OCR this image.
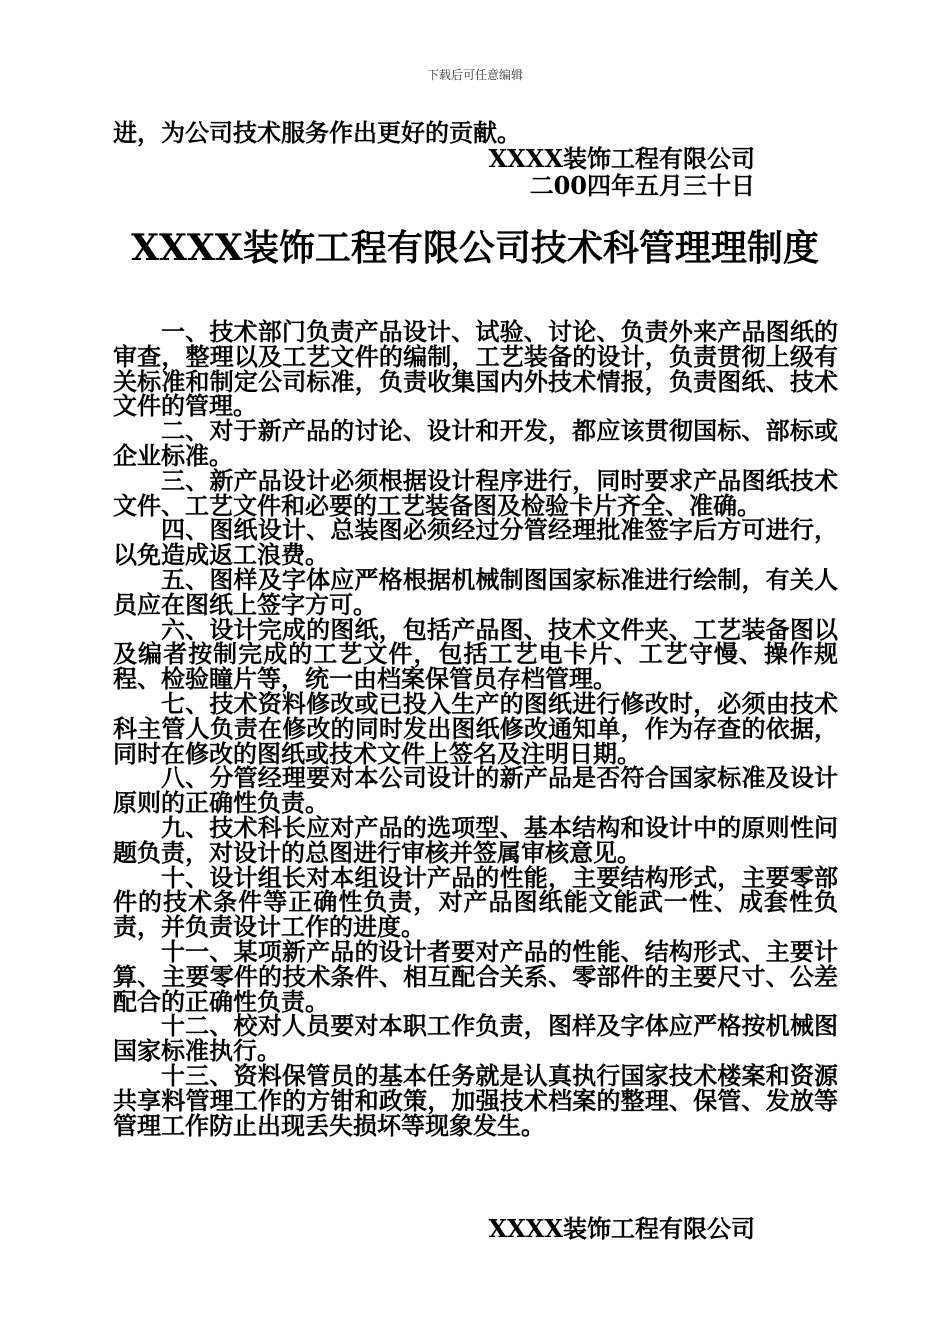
下载后可任意编辑
进，为公司技术服务作出更好的贡献。
XXXX装饰工程有限公司
二00四年五月三十日
XXXX装饰工程有限公司技术科管理理制度

一、技术部门负责产品设计、试验、讨论、负责外来产品图纸的审查，整理以及工艺文件的编制，工艺装备的设计，负责贯彻上级有关标准和制定公司标准，负责收集国内外技术情报，负责图纸、技术文件的管理。

二、对于新产品的讨论、设计和开发，都应该贯彻国标、部标或企业标准。

三、新产品设计必须根据设计程序进行，同时要求产品图纸技术文件、工艺文件和必要的工艺装备图及检验卡片齐全、准确。

四、图纸设计、总装图必须经过分管经理批准签字后方可进行，以免造成返工浪费。

五、图样及字体应严格根据机械制图国家标准进行绘制，有关人员应在图纸上签字方可。

六、设计完成的图纸，包括产品图、技术文件夹、工艺装备图以及编者按制完成的工艺文件，包括工艺电卡片、工艺守慢、操作规程、检验瞳片等，统一由档案保管员存档管理。

七、技术资料修改或已投入生产的图纸进行修改时，必须由技术科主管人负责在修改的同时发出图纸修改通知单，作为存查的依据，同时在修改的图纸或技术文件上签名及注明日期。

八、分管经理要对本公司设计的新产品是否符合国家标准及设计原则的正确性负责。

九、技术科长应对产品的选项型、基本结构和设计中的原则性问题负责，对设计的总图进行审核并签属审核意见。

十、设计组长对本组设计产品的性能，主要结构形式，主要零部件的技术条件等正确性负责，对产品图纸能文能武一性、成套性负责，并负责设计工作的进度。

十一、某项新产品的设计者要对产品的性能、结构形式、主要计算、主要零件的技术条件、相互配合关系、零部件的主要尺寸、公差配合的正确性负责。

十二、校对人员要对本职工作负责，图样及字体应严格按机械图国家标准执行。

十三、资料保管员的基本任务就是认真执行国家技术楼案和资源共享料管理工作的方钳和政策，加强技术档案的整理、保管、发放等管理工作防止出现丢失损坏等现象发生。

XXXX装饰工程有限公司
